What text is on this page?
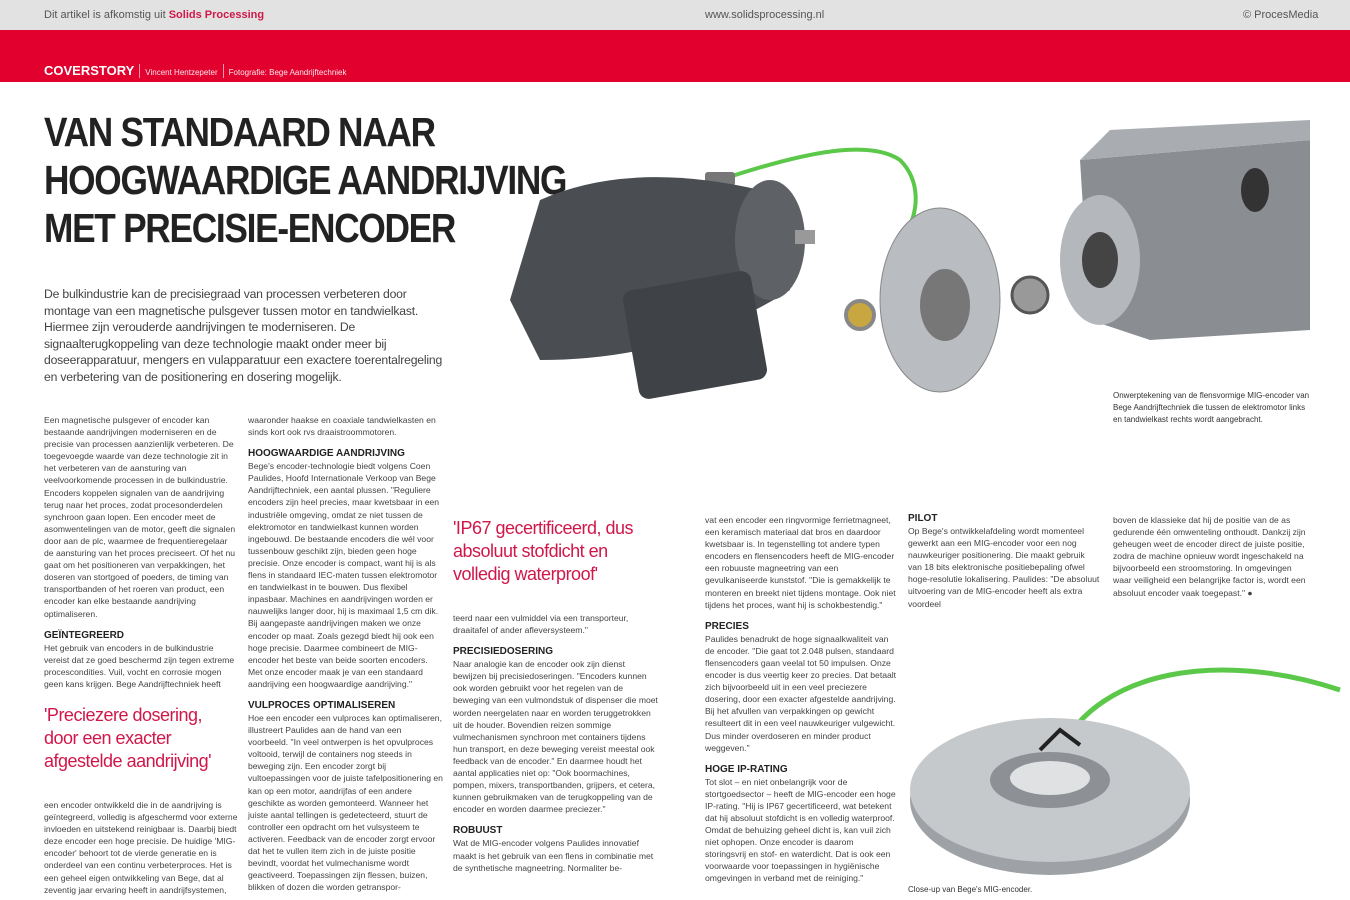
Dit artikel is afkomstig uit Solids Processing	www.solidsprocessing.nl	© ProcesMedia
COVERSTORY Vincent Hentzepeter Fotografie: Bege Aandrijftechniek
VAN STANDAARD NAAR
HOOGWAARDIGE AANDRIJVING
MET PRECISIE-ENCODER
De bulkindustrie kan de precisiegraad van processen verbeteren door montage van een magnetische pulsgever tussen motor en tandwielkast. Hiermee zijn verouderde aandrijvingen te moderniseren. De signaalterugkoppeling van deze technologie maakt onder meer bij doseerapparatuur, mengers en vulapparatuur een exactere toerentalregeling en verbetering van de positionering en dosering mogelijk.
Onwerptekening van de flensvormige MIG-encoder van Bege Aandrijftechniek die tussen de elektromotor links en tandwielkast rechts wordt aangebracht.
Close-up van Bege's MIG-encoder.

Een magnetische pulsgever of encoder kan bestaande aandrijvingen moderniseren en de precisie van processen aanzienlijk verbeteren. De toegevoegde waarde van deze technologie zit in het verbeteren van de aansturing van veelvoorkomende processen in de bulkindustrie. Encoders koppelen signalen van de aandrijving terug naar het proces, zodat procesonderdelen synchroon gaan lopen. Een encoder meet de asomwentelingen van de motor, geeft die signalen door aan de plc, waarmee de frequentieregelaar de aansturing van het proces preciseert. Of het nu gaat om het positioneren van verpakkingen, het doseren van stortgoed of poeders, de timing van transportbanden of het roeren van product, een encoder kan elke bestaande aandrijving optimaliseren.

GEÏNTEGREERD

Het gebruik van encoders in de bulkindustrie vereist dat ze goed beschermd zijn tegen extreme procescondities. Vuil, vocht en corrosie mogen geen kans krijgen. Bege Aandrijftechniek heeft

'Preciezere dosering, door een exacter afgestelde aandrijving'

een encoder ontwikkeld die in de aandrijving is geïntegreerd, volledig is afgeschermd voor externe invloeden en uitstekend reinigbaar is. Daarbij biedt deze encoder een hoge precisie. De huidige 'MIG-encoder' behoort tot de vierde generatie en is onderdeel van een continu verbeterproces. Het is een geheel eigen ontwikkeling van Bege, dat al zeventig jaar ervaring heeft in aandrijfsystemen,

waaronder haakse en coaxiale tandwielkasten en sinds kort ook rvs draaistroommotoren.

HOOGWAARDIGE AANDRIJVING

Bege's encoder-technologie biedt volgens Coen Paulides, Hoofd Internationale Verkoop van Bege Aandrijftechniek, een aantal plussen. "Reguliere encoders zijn heel precies, maar kwetsbaar in een industriële omgeving, omdat ze niet tussen de elektromotor en tandwielkast kunnen worden ingebouwd. De bestaande encoders die wél voor tussenbouw geschikt zijn, bieden geen hoge precisie. Onze encoder is compact, want hij is als flens in standaard IEC-maten tussen elektromotor en tandwielkast in te bouwen. Dus flexibel inpasbaar. Machines en aandrijvingen worden er nauwelijks langer door, hij is maximaal 1,5 cm dik. Bij aangepaste aandrijvingen maken we onze encoder op maat. Zoals gezegd biedt hij ook een hoge precisie. Daarmee combineert de MIG-encoder het beste van beide soorten encoders. Met onze encoder maak je van een standaard aandrijving een hoogwaardige aandrijving."

VULPROCES OPTIMALISEREN

Hoe een encoder een vulproces kan optimaliseren, illustreert Paulides aan de hand van een voorbeeld. "In veel ontwerpen is het opvulproces voltooid, terwijl de containers nog steeds in beweging zijn. Een encoder zorgt bij vultoepassingen voor de juiste tafelpositionering en kan op een motor, aandrijfas of een andere geschikte as worden gemonteerd. Wanneer het juiste aantal tellingen is gedetecteerd, stuurt de controller een opdracht om het vulsysteem te activeren. Feedback van de encoder zorgt ervoor dat het te vullen item zich in de juiste positie bevindt, voordat het vulmechanisme wordt geactiveerd. Toepassingen zijn flessen, buizen, blikken of dozen die worden getranspor-

'IP67 gecertificeerd, dus absoluut stofdicht en volledig waterproof'

teerd naar een vulmiddel via een transporteur, draaitafel of ander afleversysteem."

PRECISIEDOSERING

Naar analogie kan de encoder ook zijn dienst bewijzen bij precisiedoseringen. "Encoders kunnen ook worden gebruikt voor het regelen van de beweging van een vulmondstuk of dispenser die moet worden neergelaten naar en worden teruggetrokken uit de houder. Bovendien reizen sommige vulmechanismen synchroon met containers tijdens hun transport, en deze beweging vereist meestal ook feedback van de encoder." En daarmee houdt het aantal applicaties niet op: "Ook boormachines, pompen, mixers, transportbanden, grijpers, et cetera, kunnen gebruikmaken van de terugkoppeling van de encoder en worden daarmee preciezer."

ROBUUST

Wat de MIG-encoder volgens Paulides innovatief maakt is het gebruik van een flens in combinatie met de synthetische magneetring. Normaliter be-

vat een encoder een ringvormige ferrietmagneet, een keramisch materiaal dat bros en daardoor kwetsbaar is. In tegenstelling tot andere typen encoders en flensencoders heeft de MIG-encoder een robuuste magneetring van een gevulkaniseerde kunststof. "Die is gemakkelijk te monteren en breekt niet tijdens montage. Ook niet tijdens het proces, want hij is schokbestendig."

PRECIES

Paulides benadrukt de hoge signaalkwaliteit van de encoder. "Die gaat tot 2.048 pulsen, standaard flensencoders gaan veelal tot 50 impulsen. Onze encoder is dus veertig keer zo precies. Dat betaalt zich bijvoorbeeld uit in een veel preciezere dosering, door een exacter afgestelde aandrijving. Bij het afvullen van verpakkingen op gewicht resulteert dit in een veel nauwkeuriger vulgewicht. Dus minder overdoseren en minder product weggeven."

HOGE IP-RATING

Tot slot – en niet onbelangrijk voor de stortgoedsector – heeft de MIG-encoder een hoge IP-rating. "Hij is IP67 gecertificeerd, wat betekent dat hij absoluut stofdicht is en volledig waterproof. Omdat de behuizing geheel dicht is, kan vuil zich niet ophopen. Onze encoder is daarom storingsvrij en stof- en waterdicht. Dat is ook een voorwaarde voor toepassingen in hygiënische omgevingen in verband met de reiniging."

PILOT

Op Bege's ontwikkelafdeling wordt momenteel gewerkt aan een MIG-encoder voor een nog nauwkeuriger positionering. Die maakt gebruik van 18 bits elektronische positiebepaling ofwel hoge-resolutie lokalisering. Paulides: "De absoluut uitvoering van de MIG-encoder heeft als extra voordeel

boven de klassieke dat hij de positie van de as gedurende één omwenteling onthoudt. Dankzij zijn geheugen weet de encoder direct de juiste positie, zodra de machine opnieuw wordt ingeschakeld na bijvoorbeeld een stroomstoring. In omgevingen waar veiligheid een belangrijke factor is, wordt een absoluut encoder vaak toegepast." ●
